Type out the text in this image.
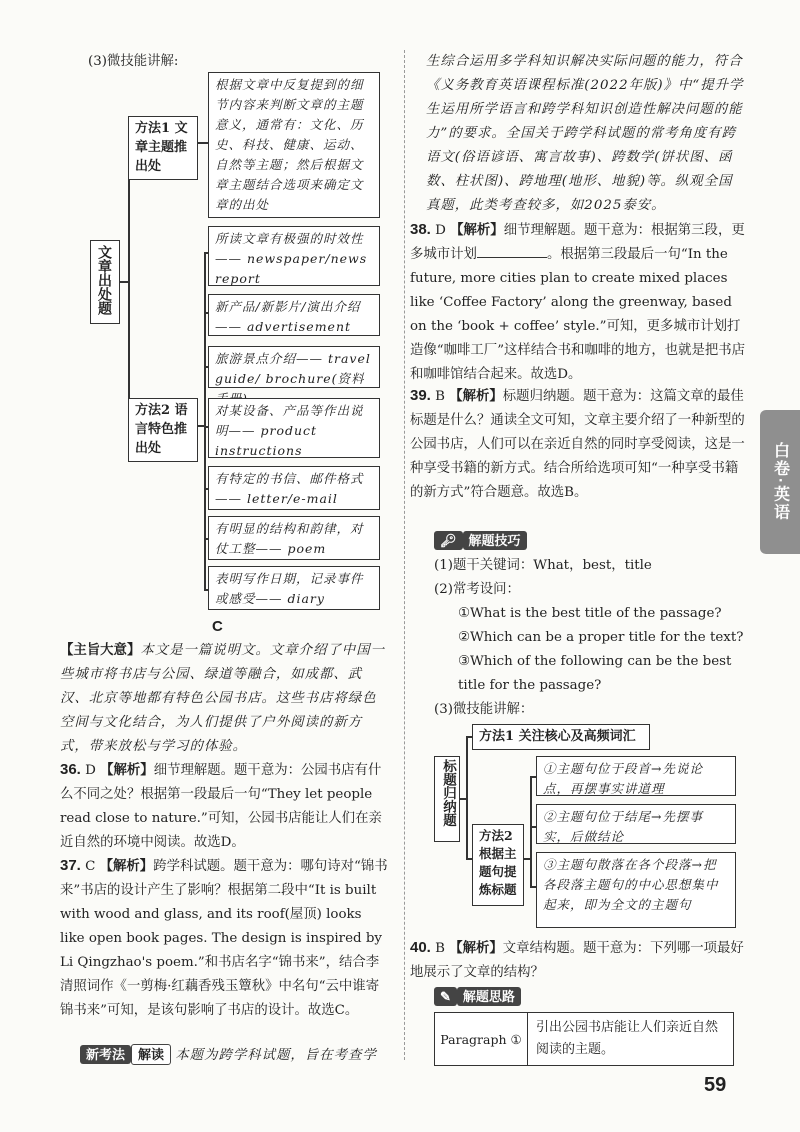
(3)微技能讲解:
文章出处题
方法1 文章主题推出处
根据文章中反复提到的细节内容来判断文章的主题意义，通常有：文化、历史、科技、健康、运动、自然等主题；然后根据文章主题结合选项来确定文章的出处
方法2 语言特色推出处
所读文章有极强的时效性—— newspaper/news report
新产品/新影片/演出介绍—— advertisement
旅游景点介绍—— travel guide/ brochure(资料
对某设备、产品等作出说明—— product instructions
有特定的书信、邮件格式—— letter/e-mail
有明显的结构和韵律，对仗工整—— poem
表明写作日期，记录事件或感受—— diary
C
【主旨大意】本文是一篇说明文。文章介绍了中国一些城市将书店与公园、绿道等融合，如成都、武汉、北京等地都有特色公园书店。这些书店将绿色空间与文化结合，为人们提供了户外阅读的新方式，带来放松与学习的体验。
36. D 【解析】细节理解题。题干意为：公园书店有什么不同之处？根据第一段最后一句“They let people read close to nature.”可知，公园书店能让人们在亲近自然的环境中阅读。故选D。
37. C 【解析】跨学科试题。题干意为：哪句诗对“锦书来”书店的设计产生了影响？根据第二段中“It is built with wood and glass, and its roof(屋顶) looks like open book pages. The design is inspired by Li Qingzhao's poem.”和书店名字“锦书来”，结合李清照词作《一剪梅·红藕香残玉簟秋》中名句“云中谁寄锦书来”可知，是该句影响了书店的设计。故选C。
新考法 解读 本题为跨学科试题，旨在考查学
生综合运用多学科知识解决实际问题的能力，符合《义务教育英语课程标准(2022年版)》中“提升学生运用所学语言和跨学科知识创造性解决问题的能力”的要求。全国关于跨学科试题的常考角度有跨语文(俗语谚语、寓言故事)、跨数学(饼状图、函数、柱状图)、跨地理(地形、地貌)等。纵观全国真题，此类考查较多，如2025泰安。
38. D 【解析】细节理解题。题干意为：根据第三段，更多城市计划	。根据第三段最后一句“In the future, more cities plan to create mixed places like ‘Coffee Factory’ along the greenway, based on the ‘book + coffee’ style.”可知，更多城市计划打造像“咖啡工厂”这样结合书和咖啡的地方，也就是把书店和咖啡馆结合起来。故选D。
39. B 【解析】标题归纳题。题干意为：这篇文章的最佳标题是什么？通读全文可知，文章主要介绍了一种新型的公园书店，人们可以在亲近自然的同时享受阅读，这是一种享受书籍的新方式。结合所给选项可知“一种享受书籍的新方式”符合题意。故选B。
🔑︎ 解题技巧
(1)题干关键词：What，best，title
(2)常考设问：
①What is the best title of the passage?
②Which can be a proper title for the text?
③Which of the following can be the best title for the passage?
(3)微技能讲解：
标题归纳题
方法1 关注核心及高频词汇
方法2 根据主题句提炼标题
①主题句位于段首→先说论点，再摆事实讲道理
②主题句位于结尾→先摆事实，后做结论
③主题句散落在各个段落→把各段落主题句的中心思想集中起来，即为全文的主题句
40. B 【解析】文章结构题。题干意为：下列哪一项最好地展示了文章的结构？
✎ 解题思路
Paragraph ①
引出公园书店能让人们亲近自然阅读的主题。
白卷·英语
59
